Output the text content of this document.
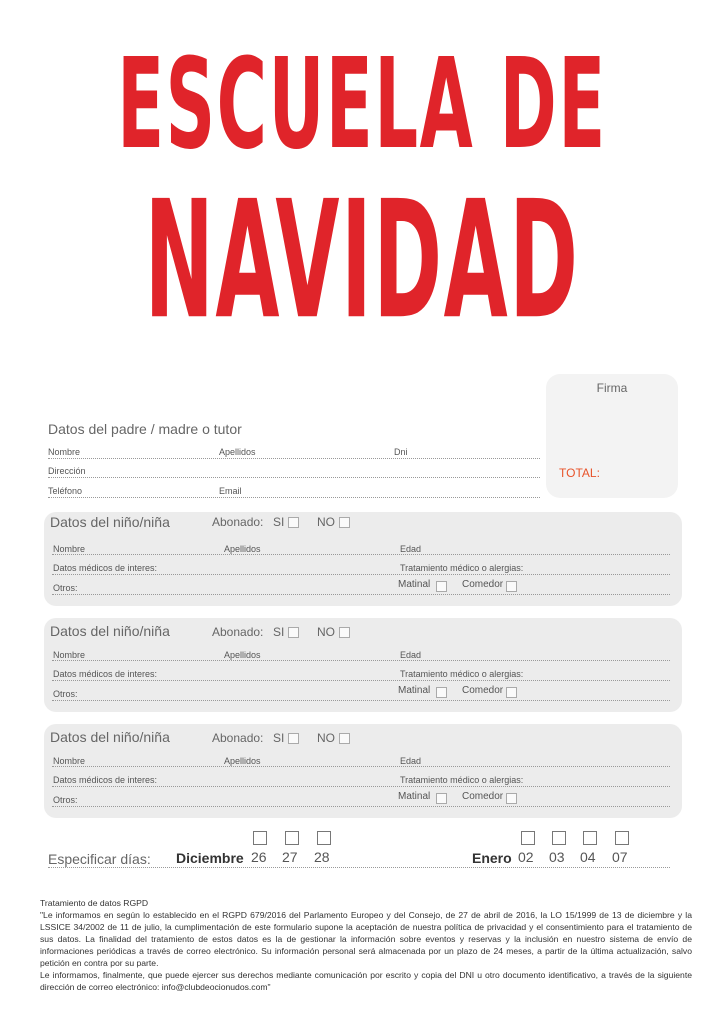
ESCUELA DE
NAVIDAD
Firma
TOTAL:
Datos del padre / madre o tutor
Nombre	Apellidos	Dni
Dirección
Teléfono	Email
Datos del niño/niña	Abonado: SI	NO
Nombre	Apellidos	Edad
Datos médicos de interes:	Tratamiento médico o alergias:
Otros:	Matinal	Comedor
Datos del niño/niña	Abonado: SI	NO
Nombre	Apellidos	Edad
Datos médicos de interes:	Tratamiento médico o alergias:
Otros:	Matinal	Comedor
Datos del niño/niña	Abonado: SI	NO
Nombre	Apellidos	Edad
Datos médicos de interes:	Tratamiento médico o alergias:
Otros:	Matinal	Comedor
Especificar días: Diciembre 26 27 28	Enero 02 03 04 07

Tratamiento de datos RGPD

"Le informamos en según lo establecido en el RGPD 679/2016 del Parlamento Europeo y del Consejo, de 27 de abril de 2016, la LO 15/1999 de 13 de diciembre y la LSSICE 34/2002 de 11 de julio, la cumplimentación de este formulario supone la aceptación de nuestra política de privacidad y el consentimiento para el tratamiento de sus datos. La finalidad del tratamiento de estos datos es la de gestionar la información sobre eventos y reservas y la inclusión en nuestro sistema de envío de informaciones periódicas a través de correo electrónico. Su información personal será almacenada por un plazo de 24 meses, a partir de la última actualización, salvo petición en contra por su parte.

Le informamos, finalmente, que puede ejercer sus derechos mediante comunicación por escrito y copia del DNI u otro documento identificativo, a través de la siguiente dirección de correo electrónico: info@clubdeocionudos.com"
